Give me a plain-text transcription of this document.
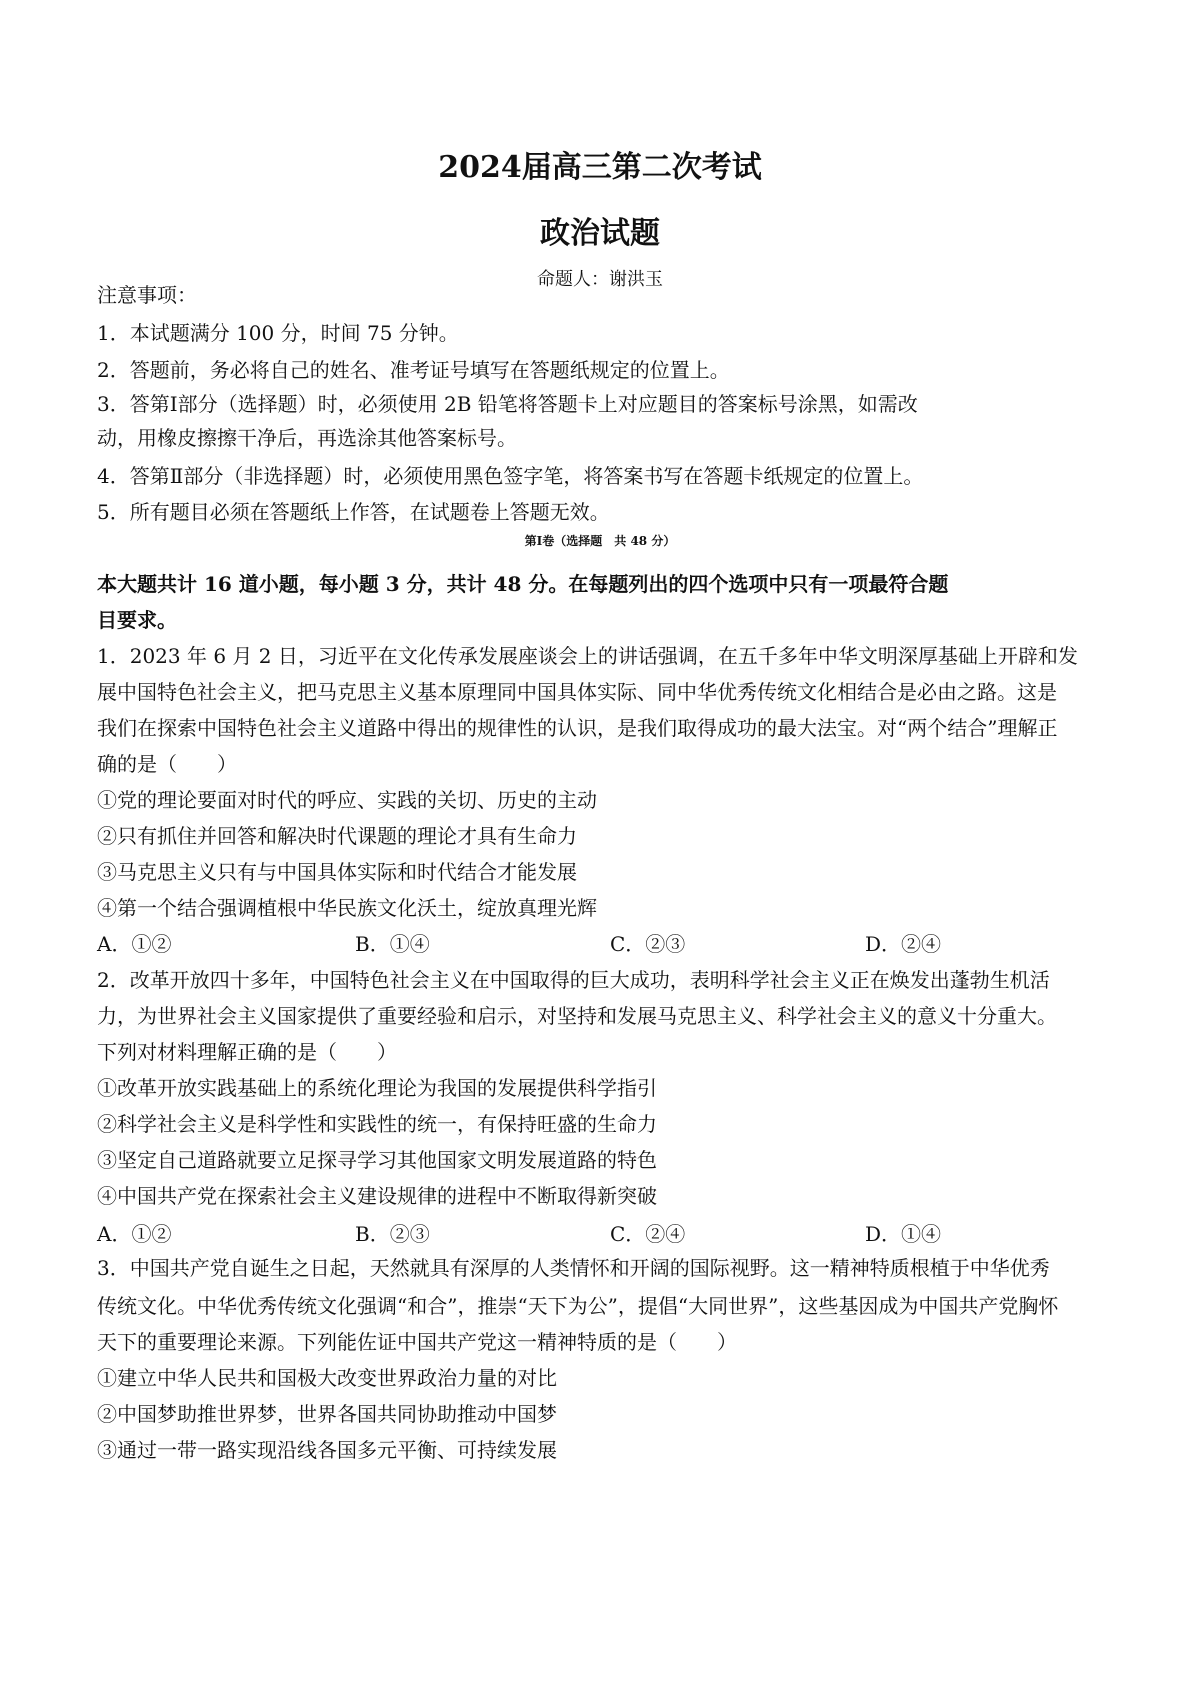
2024届高三第二次考试
政治试题
命题人：谢洪玉
注意事项：
1．本试题满分 100 分，时间 75 分钟。
2．答题前，务必将自己的姓名、准考证号填写在答题纸规定的位置上。
3．答第Ⅰ部分（选择题）时，必须使用 2B 铅笔将答题卡上对应题目的答案标号涂黑，如需改
动，用橡皮擦擦干净后，再选涂其他答案标号。
4．答第Ⅱ部分（非选择题）时，必须使用黑色签字笔，将答案书写在答题卡纸规定的位置上。
5．所有题目必须在答题纸上作答，在试题卷上答题无效。
第Ⅰ卷（选择题　共 48 分）
本大题共计 16 道小题，每小题 3 分，共计 48 分。在每题列出的四个选项中只有一项最符合题
目要求。
1．2023 年 6 月 2 日，习近平在文化传承发展座谈会上的讲话强调，在五千多年中华文明深厚基础上开辟和发
展中国特色社会主义，把马克思主义基本原理同中国具体实际、同中华优秀传统文化相结合是必由之路。这是
我们在探索中国特色社会主义道路中得出的规律性的认识，是我们取得成功的最大法宝。对“两个结合”理解正
确的是（　　）
①党的理论要面对时代的呼应、实践的关切、历史的主动
②只有抓住并回答和解决时代课题的理论才具有生命力
③马克思主义只有与中国具体实际和时代结合才能发展
④第一个结合强调植根中华民族文化沃土，绽放真理光辉
A．①②	B．①④	C．②③	D．②④
2．改革开放四十多年，中国特色社会主义在中国取得的巨大成功，表明科学社会主义正在焕发出蓬勃生机活
力，为世界社会主义国家提供了重要经验和启示，对坚持和发展马克思主义、科学社会主义的意义十分重大。
下列对材料理解正确的是（　　）
①改革开放实践基础上的系统化理论为我国的发展提供科学指引
②科学社会主义是科学性和实践性的统一，有保持旺盛的生命力
③坚定自己道路就要立足探寻学习其他国家文明发展道路的特色
④中国共产党在探索社会主义建设规律的进程中不断取得新突破
A．①②	B．②③	C．②④	D．①④
3．中国共产党自诞生之日起，天然就具有深厚的人类情怀和开阔的国际视野。这一精神特质根植于中华优秀
传统文化。中华优秀传统文化强调“和合”，推崇“天下为公”，提倡“大同世界”，这些基因成为中国共产党胸怀
天下的重要理论来源。下列能佐证中国共产党这一精神特质的是（　　）
①建立中华人民共和国极大改变世界政治力量的对比
②中国梦助推世界梦，世界各国共同协助推动中国梦
③通过一带一路实现沿线各国多元平衡、可持续发展
